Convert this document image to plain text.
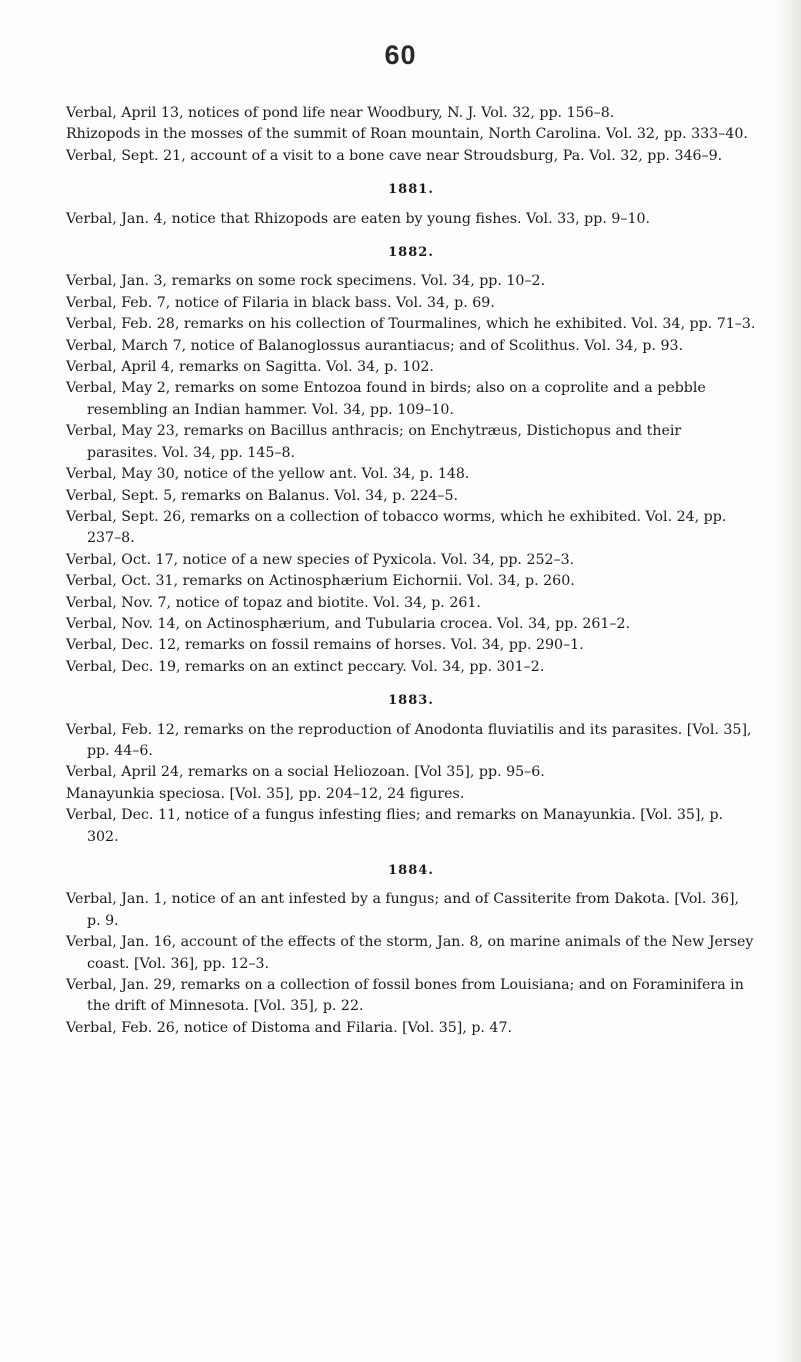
60

Verbal, April 13, notices of pond life near Woodbury, N. J. Vol. 32, pp. 156–8.

Rhizopods in the mosses of the summit of Roan mountain, North Carolina. Vol. 32, pp. 333–40.

Verbal, Sept. 21, account of a visit to a bone cave near Stroudsburg, Pa. Vol. 32, pp. 346–9.

1881.

Verbal, Jan. 4, notice that Rhizopods are eaten by young fishes. Vol. 33, pp. 9–10.

1882.

Verbal, Jan. 3, remarks on some rock specimens. Vol. 34, pp. 10–2.

Verbal, Feb. 7, notice of Filaria in black bass. Vol. 34, p. 69.

Verbal, Feb. 28, remarks on his collection of Tourmalines, which he exhibited. Vol. 34, pp. 71–3.

Verbal, March 7, notice of Balanoglossus aurantiacus; and of Scolithus. Vol. 34, p. 93.

Verbal, April 4, remarks on Sagitta. Vol. 34, p. 102.

Verbal, May 2, remarks on some Entozoa found in birds; also on a coprolite and a pebble resembling an Indian hammer. Vol. 34, pp. 109–10.

Verbal, May 23, remarks on Bacillus anthracis; on Enchytræus, Distichopus and their parasites. Vol. 34, pp. 145–8.

Verbal, May 30, notice of the yellow ant. Vol. 34, p. 148.

Verbal, Sept. 5, remarks on Balanus. Vol. 34, p. 224–5.

Verbal, Sept. 26, remarks on a collection of tobacco worms, which he exhibited. Vol. 24, pp. 237–8.

Verbal, Oct. 17, notice of a new species of Pyxicola. Vol. 34, pp. 252–3.

Verbal, Oct. 31, remarks on Actinosphærium Eichornii. Vol. 34, p. 260.

Verbal, Nov. 7, notice of topaz and biotite. Vol. 34, p. 261.

Verbal, Nov. 14, on Actinosphærium, and Tubularia crocea. Vol. 34, pp. 261–2.

Verbal, Dec. 12, remarks on fossil remains of horses. Vol. 34, pp. 290–1.

Verbal, Dec. 19, remarks on an extinct peccary. Vol. 34, pp. 301–2.

1883.

Verbal, Feb. 12, remarks on the reproduction of Anodonta fluviatilis and its parasites. [Vol. 35], pp. 44–6.

Verbal, April 24, remarks on a social Heliozoan. [Vol 35], pp. 95–6.

Manayunkia speciosa. [Vol. 35], pp. 204–12, 24 figures.

Verbal, Dec. 11, notice of a fungus infesting flies; and remarks on Manayunkia. [Vol. 35], p. 302.

1884.

Verbal, Jan. 1, notice of an ant infested by a fungus; and of Cassiterite from Dakota. [Vol. 36], p. 9.

Verbal, Jan. 16, account of the effects of the storm, Jan. 8, on marine animals of the New Jersey coast. [Vol. 36], pp. 12–3.

Verbal, Jan. 29, remarks on a collection of fossil bones from Louisiana; and on Foraminifera in the drift of Minnesota. [Vol. 35], p. 22.

Verbal, Feb. 26, notice of Distoma and Filaria. [Vol. 35], p. 47.
